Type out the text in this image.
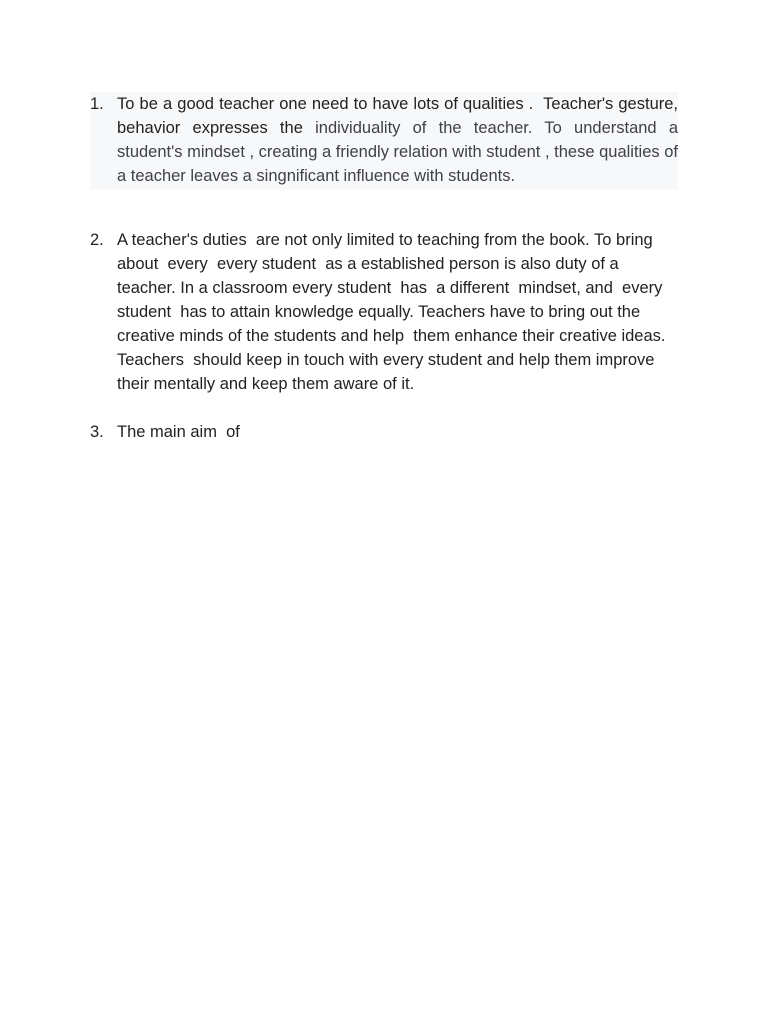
1. To be a good teacher one need to have lots of qualities .  Teacher's gesture, behavior expresses the individuality of the teacher. To understand a student's mindset , creating a friendly relation with student , these qualities of a teacher leaves a singnificant influence with students.
2. A teacher's duties  are not only limited to teaching from the book. To bring  about  every  every student  as a established person is also duty of a teacher. In a classroom every student  has  a different  mindset, and  every student  has to attain knowledge equally. Teachers have to bring out the creative minds of the students and help  them enhance their creative ideas. Teachers  should keep in touch with every student and help them improve their mentally and keep them aware of it.
3. The main aim  of
